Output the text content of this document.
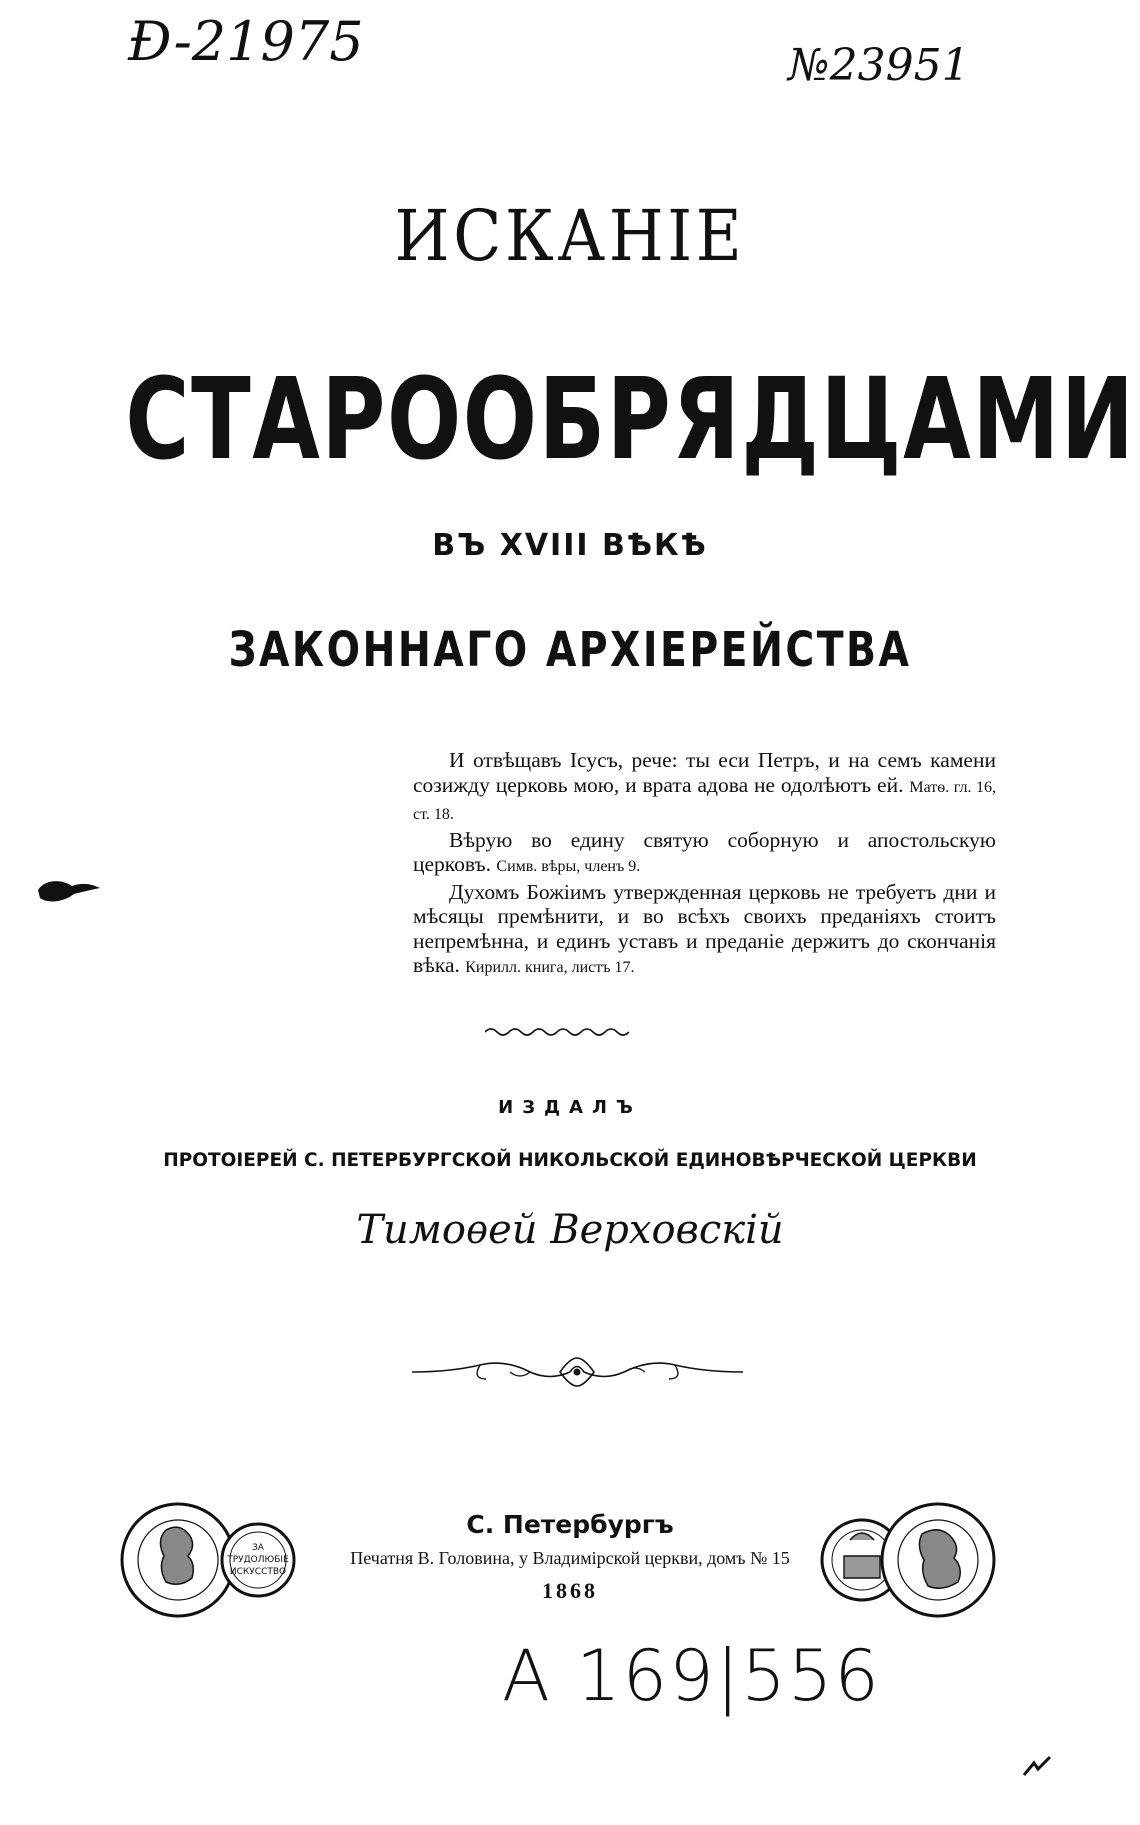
Ð-21975	№23951
ИСКАНІЕ
СТАРООБРЯДЦАМИ
ВЪ XVIII ВѢКѢ
ЗАКОННАГО АРХІЕРЕЙСТВА

И отвѣщавъ Ісусъ, рече: ты еси Петръ, и на семъ камени созижду церковь мою, и врата адова не одолѣютъ ей. Матѳ. гл. 16, ст. 18.

Вѣрую во едину святую соборную и апостольскую церковъ. Симв. вѣры, членъ 9.

Духомъ Божіимъ утвержденная церковь не требуетъ дни и мѣсяцы премѣнити, и во всѣхъ своихъ преданіяхъ стоитъ непремѣнна, и единъ уставъ и преданіе держитъ до скончанія вѣка. Кирилл. книга, листъ 17.

ИЗДАЛЪ
ПРОТОІЕРЕЙ С. ПЕТЕРБУРГСКОЙ НИКОЛЬСКОЙ ЕДИНОВѢРЧЕСКОЙ ЦЕРКВИ
Тимоѳей Верховскій
ЗА
ТРУДОЛЮБІЕ
ИСКУССТВО
С. Петербургъ
Печатня В. Головина, у Владимірской церкви, домъ № 15
1868
A 169|556
